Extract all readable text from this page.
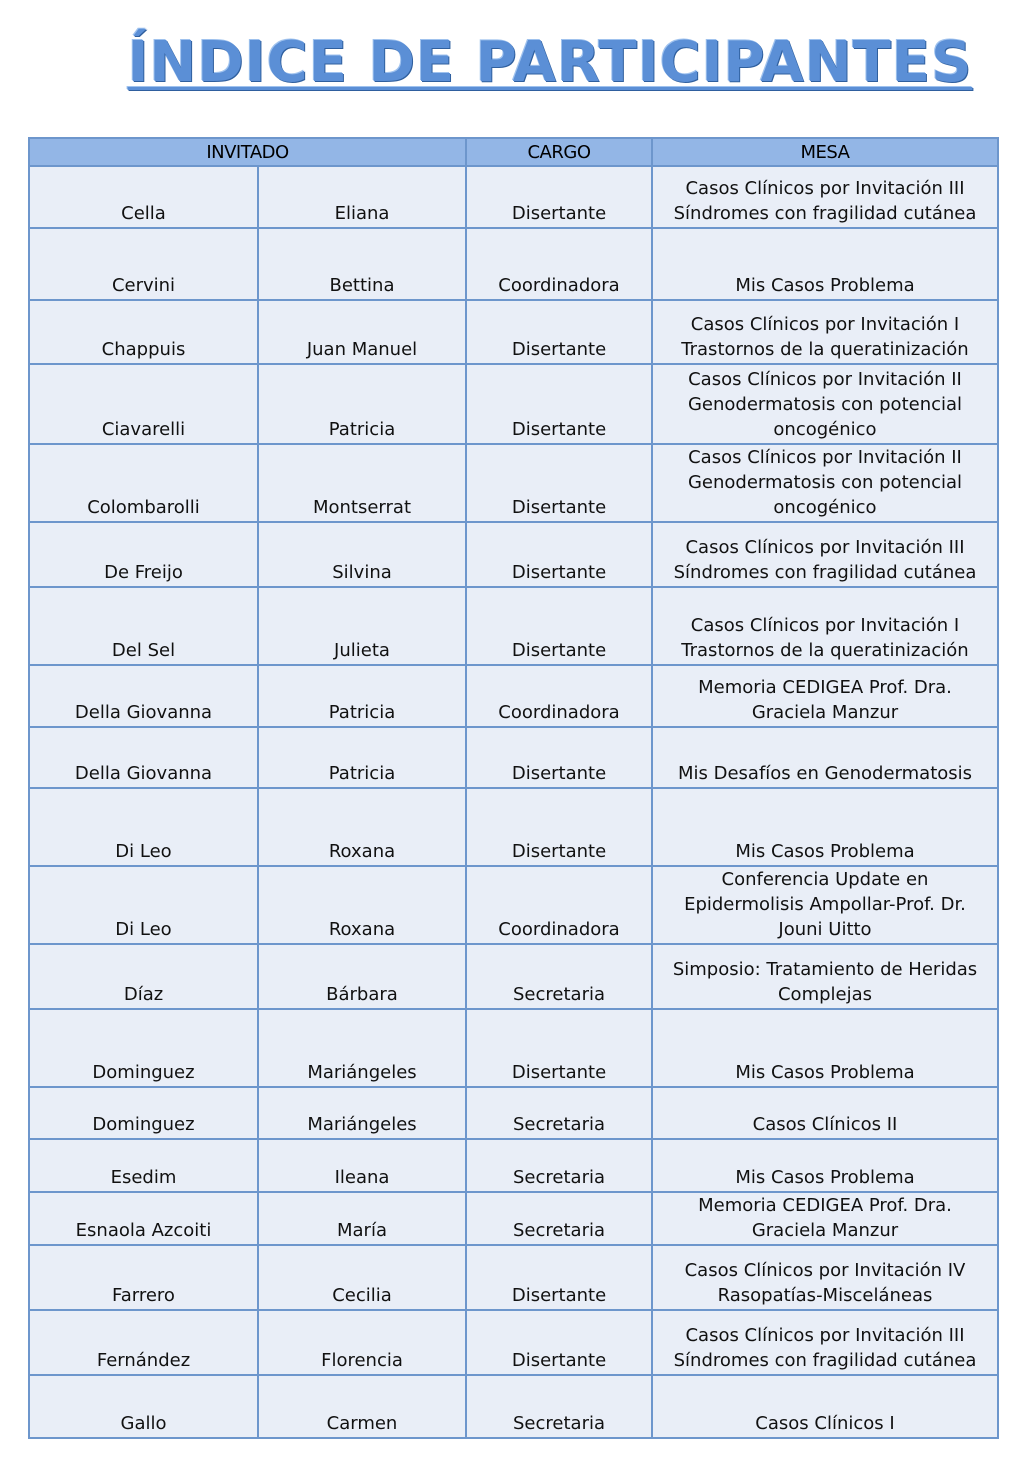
ÍNDICE DE PARTICIPANTES
INVITADO		CARGO	MESA
Cella	Eliana	Disertante	Casos Clínicos por Invitación III
Síndromes con fragilidad cutánea
Cervini	Bettina	Coordinadora	Mis Casos Problema
Chappuis	Juan Manuel	Disertante	Casos Clínicos por Invitación I
Trastornos de la queratinización
Ciavarelli	Patricia	Disertante	Casos Clínicos por Invitación II
Genodermatosis con potencial
oncogénico
Colombarolli	Montserrat	Disertante	Casos Clínicos por Invitación II
Genodermatosis con potencial
oncogénico
De Freijo	Silvina	Disertante	Casos Clínicos por Invitación III
Síndromes con fragilidad cutánea
Del Sel	Julieta	Disertante	Casos Clínicos por Invitación I
Trastornos de la queratinización
Della Giovanna	Patricia	Coordinadora	Memoria CEDIGEA Prof. Dra.
Graciela Manzur
Della Giovanna	Patricia	Disertante	Mis Desafíos en Genodermatosis
Di Leo	Roxana	Disertante	Mis Casos Problema
Di Leo	Roxana	Coordinadora	Conferencia Update en
Epidermolisis Ampollar-Prof. Dr.
Jouni Uitto
Díaz	Bárbara	Secretaria	Simposio: Tratamiento de Heridas
Complejas
Dominguez	Mariángeles	Disertante	Mis Casos Problema
Dominguez	Mariángeles	Secretaria	Casos Clínicos II
Esedim	Ileana	Secretaria	Mis Casos Problema
Esnaola Azcoiti	María	Secretaria	Memoria CEDIGEA Prof. Dra.
Graciela Manzur
Farrero	Cecilia	Disertante	Casos Clínicos por Invitación IV
Rasopatías-Misceláneas
Fernández	Florencia	Disertante	Casos Clínicos por Invitación III
Síndromes con fragilidad cutánea
Gallo	Carmen	Secretaria	Casos Clínicos I
